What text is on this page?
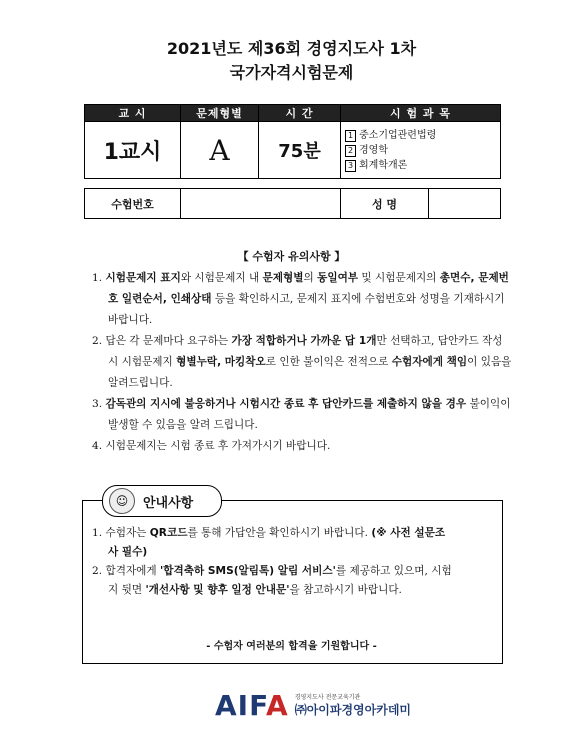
2021년도 제36회 경영지도사 1차
국가자격시험문제
교 시	문제형별	시 간	시 험 과 목
1교시	A	75분	1 중소기업관련법령
2 경영학
3 회계학개론
수험번호		성 명	
【 수험자 유의사항 】
1. 시험문제지 표지와 시험문제지 내 문제형별의 동일여부 및 시험문제지의 총면수, 문제번호 일련순서, 인쇄상태 등을 확인하시고, 문제지 표지에 수험번호와 성명을 기재하시기 바랍니다.
2. 답은 각 문제마다 요구하는 가장 적합하거나 가까운 답 1개만 선택하고, 답안카드 작성시 시험문제지 형별누락, 마킹착오로 인한 불이익은 전적으로 수험자에게 책임이 있음을 알려드립니다.
3. 감독관의 지시에 불응하거나 시험시간 종료 후 답안카드를 제출하지 않을 경우 불이익이 발생할 수 있음을 알려 드립니다.
4. 시험문제지는 시험 종료 후 가져가시기 바랍니다.
☺	안내사항
1. 수험자는 QR코드를 통해 가답안을 확인하시기 바랍니다. (※ 사전 설문조사 필수)
2. 합격자에게 '합격축하 SMS(알림톡) 알림 서비스'를 제공하고 있으며, 시험지 뒷면 '개선사항 및 향후 일정 안내문'을 참고하시기 바랍니다.
- 수험자 여러분의 합격을 기원합니다 -
AIFA 경영지도사 전문교육기관
㈜아이파경영아카데미
